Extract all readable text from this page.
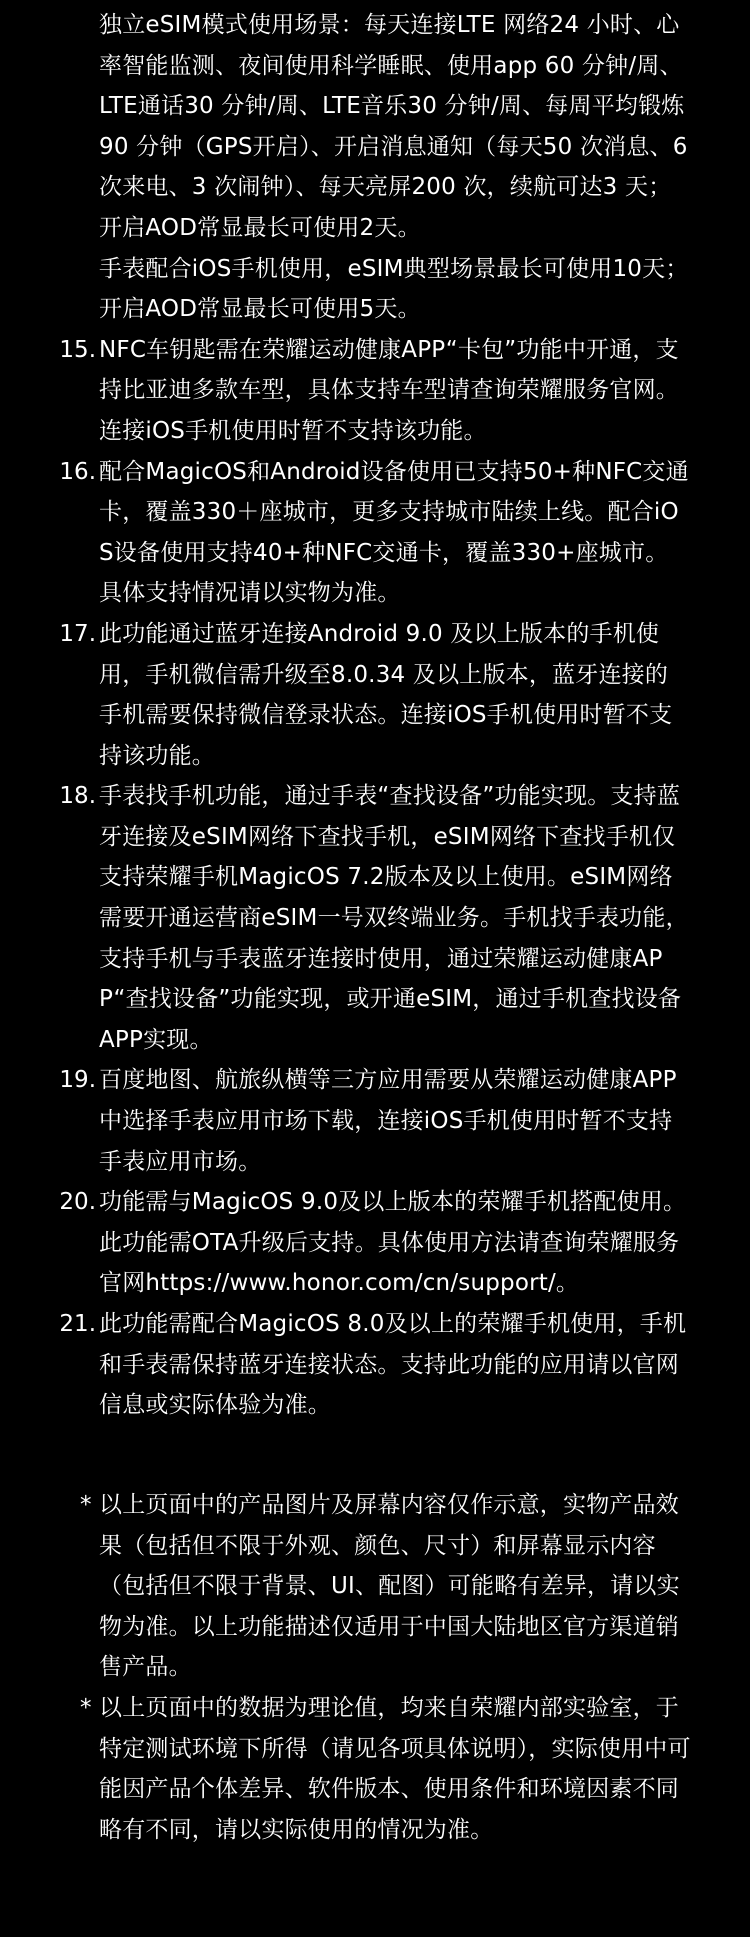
独立eSIM模式使用场景：每天连接LTE 网络24 小时、心率智能监测、夜间使用科学睡眠、使用app 60 分钟/周、LTE通话30 分钟/周、LTE音乐30 分钟/周、每周平均锻炼90 分钟（GPS开启）、开启消息通知（每天50 次消息、6 次来电、3 次闹钟）、每天亮屏200 次，续航可达3 天；开启AOD常显最长可使用2天。

手表配合iOS手机使用，eSIM典型场景最长可使用10天；开启AOD常显最长可使用5天。

15. NFC车钥匙需在荣耀运动健康APP“卡包”功能中开通，支持比亚迪多款车型，具体支持车型请查询荣耀服务官网。连接iOS手机使用时暂不支持该功能。

16. 配合MagicOS和Android设备使用已支持50+种NFC交通卡，覆盖330＋座城市，更多支持城市陆续上线。配合iOS设备使用支持40+种NFC交通卡，覆盖330+座城市。具体支持情况请以实物为准。

17. 此功能通过蓝牙连接Android 9.0 及以上版本的手机使用，手机微信需升级至8.0.34 及以上版本，蓝牙连接的手机需要保持微信登录状态。连接iOS手机使用时暂不支持该功能。

18. 手表找手机功能，通过手表“查找设备”功能实现。支持蓝牙连接及eSIM网络下查找手机，eSIM网络下查找手机仅支持荣耀手机MagicOS 7.2版本及以上使用。eSIM网络需要开通运营商eSIM一号双终端业务。手机找手表功能，支持手机与手表蓝牙连接时使用，通过荣耀运动健康APP“查找设备”功能实现，或开通eSIM，通过手机查找设备APP实现。

19. 百度地图、航旅纵横等三方应用需要从荣耀运动健康APP中选择手表应用市场下载，连接iOS手机使用时暂不支持手表应用市场。

20. 功能需与MagicOS 9.0及以上版本的荣耀手机搭配使用。此功能需OTA升级后支持。具体使用方法请查询荣耀服务官网https://www.honor.com/cn/support/。

21. 此功能需配合MagicOS 8.0及以上的荣耀手机使用，手机和手表需保持蓝牙连接状态。支持此功能的应用请以官网信息或实际体验为准。

* 以上页面中的产品图片及屏幕内容仅作示意，实物产品效果（包括但不限于外观、颜色、尺寸）和屏幕显示内容（包括但不限于背景、UI、配图）可能略有差异，请以实物为准。以上功能描述仅适用于中国大陆地区官方渠道销售产品。

* 以上页面中的数据为理论值，均来自荣耀内部实验室，于特定测试环境下所得（请见各项具体说明），实际使用中可能因产品个体差异、软件版本、使用条件和环境因素不同略有不同，请以实际使用的情况为准。
